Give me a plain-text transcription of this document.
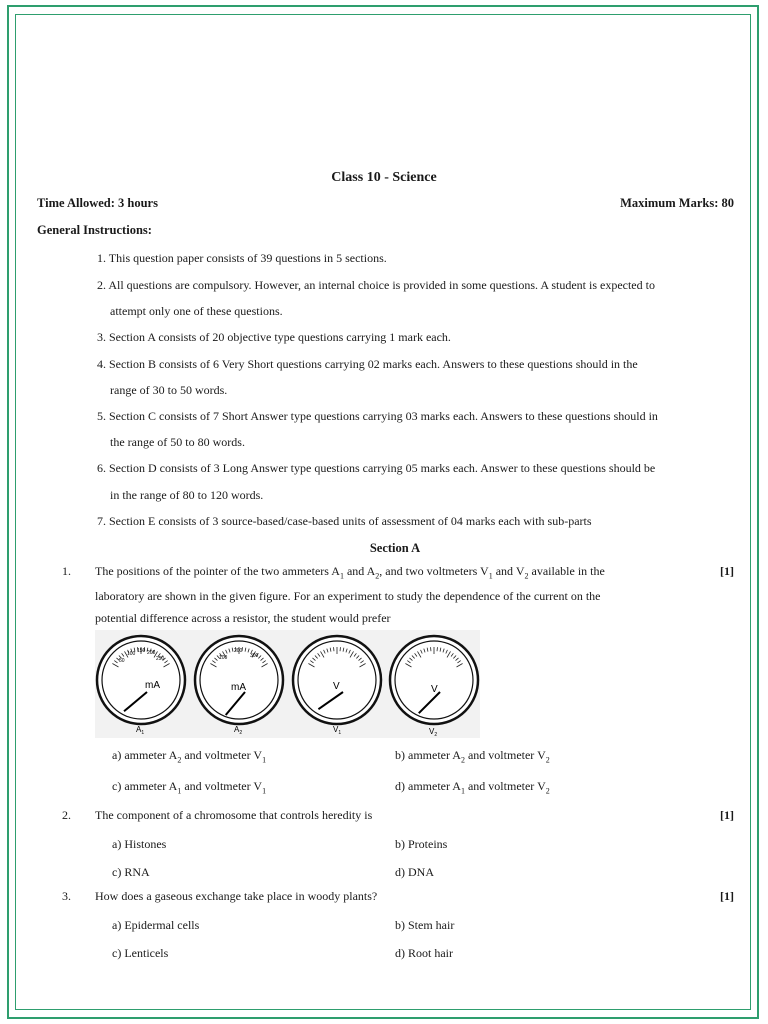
Class 10 - Science
Time Allowed: 3 hours	Maximum Marks: 80
General Instructions:
1. This question paper consists of 39 questions in 5 sections.
2. All questions are compulsory. However, an internal choice is provided in some questions. A student is expected to
attempt only one of these questions.
3. Section A consists of 20 objective type questions carrying 1 mark each.
4. Section B consists of 6 Very Short questions carrying 02 marks each. Answers to these questions should in the
range of 30 to 50 words.
5. Section C consists of 7 Short Answer type questions carrying 03 marks each. Answers to these questions should in
the range of 50 to 80 words.
6. Section D consists of 3 Long Answer type questions carrying 05 marks each. Answer to these questions should be
in the range of 80 to 120 words.
7. Section E consists of 3 source-based/case-based units of assessment of 04 marks each with sub-parts
Section A
1. The positions of the pointer of the two ammeters $A_1$ and $A_2$, and two voltmeters $V_1$ and $V_2$ available in the	[1]
laboratory are shown in the given figure. For an experiment to study the dependence of the current on the
potential difference across a resistor, the student would prefer
mA	mA	V	V
50
100 150 200
250	100
200
300
$A_1$	$A_2$	$V_1$	$V_2$
a) ammeter $A_2$ and voltmeter $V_1$	b) ammeter $A_2$ and voltmeter $V_2$
c) ammeter $A_1$ and voltmeter $V_1$	d) ammeter $A_1$ and voltmeter $V_2$
2. The component of a chromosome that controls heredity is	[1]
a) Histones	b) Proteins
c) RNA	d) DNA
3. How does a gaseous exchange take place in woody plants?	[1]
a) Epidermal cells	b) Stem hair
c) Lenticels	d) Root hair
